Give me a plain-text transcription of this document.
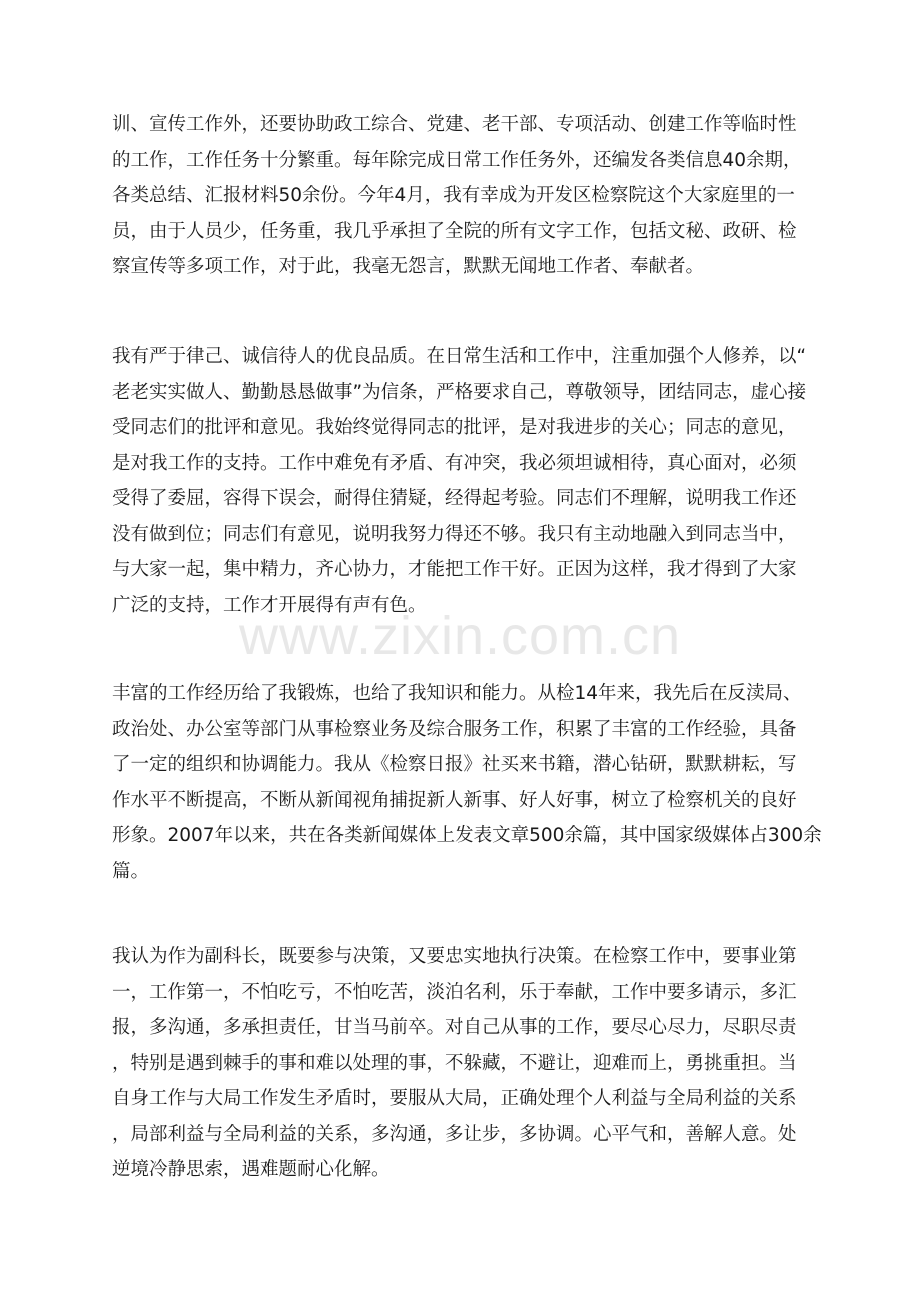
训、宣传工作外，还要协助政工综合、党建、老干部、专项活动、创建工作等临时性
的工作，工作任务十分繁重。每年除完成日常工作任务外，还编发各类信息40余期，
各类总结、汇报材料50余份。今年4月，我有幸成为开发区检察院这个大家庭里的一
员，由于人员少，任务重，我几乎承担了全院的所有文字工作，包括文秘、政研、检
察宣传等多项工作，对于此，我毫无怨言，默默无闻地工作者、奉献者。
我有严于律己、诚信待人的优良品质。在日常生活和工作中，注重加强个人修养，以“
老老实实做人、勤勤恳恳做事”为信条，严格要求自己，尊敬领导，团结同志，虚心接
受同志们的批评和意见。我始终觉得同志的批评，是对我进步的关心；同志的意见，
是对我工作的支持。工作中难免有矛盾、有冲突，我必须坦诚相待，真心面对，必须
受得了委屈，容得下误会，耐得住猜疑，经得起考验。同志们不理解，说明我工作还
没有做到位；同志们有意见，说明我努力得还不够。我只有主动地融入到同志当中，
与大家一起，集中精力，齐心协力，才能把工作干好。正因为这样，我才得到了大家
广泛的支持，工作才开展得有声有色。
www.zixin.com.cn
丰富的工作经历给了我锻炼，也给了我知识和能力。从检14年来，我先后在反渎局、
政治处、办公室等部门从事检察业务及综合服务工作，积累了丰富的工作经验，具备
了一定的组织和协调能力。我从《检察日报》社买来书籍，潜心钻研，默默耕耘，写
作水平不断提高，不断从新闻视角捕捉新人新事、好人好事，树立了检察机关的良好
形象。2007年以来，共在各类新闻媒体上发表文章500余篇，其中国家级媒体占300余
篇。
我认为作为副科长，既要参与决策，又要忠实地执行决策。在检察工作中，要事业第
一，工作第一，不怕吃亏，不怕吃苦，淡泊名利，乐于奉献，工作中要多请示，多汇
报，多沟通，多承担责任，甘当马前卒。对自己从事的工作，要尽心尽力，尽职尽责
，特别是遇到棘手的事和难以处理的事，不躲藏，不避让，迎难而上，勇挑重担。当
自身工作与大局工作发生矛盾时，要服从大局，正确处理个人利益与全局利益的关系
，局部利益与全局利益的关系，多沟通，多让步，多协调。心平气和，善解人意。处
逆境冷静思索，遇难题耐心化解。
